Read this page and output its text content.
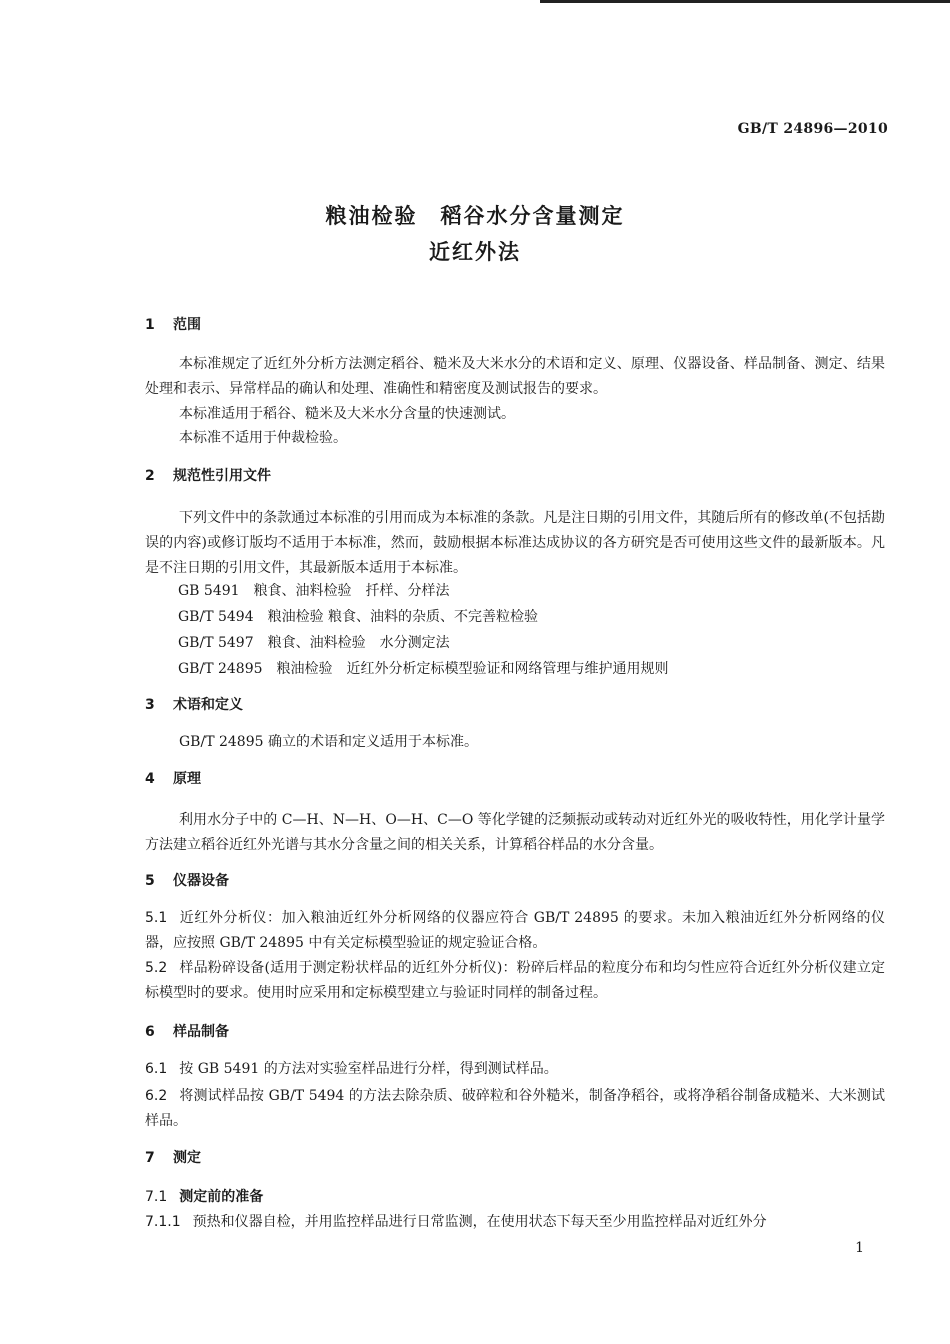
GB/T 24896—2010
粮油检验　稻谷水分含量测定
近红外法
1 范围
本标准规定了近红外分析方法测定稻谷、糙米及大米水分的术语和定义、原理、仪器设备、样品制备、测定、结果处理和表示、异常样品的确认和处理、准确性和精密度及测试报告的要求。
本标准适用于稻谷、糙米及大米水分含量的快速测试。
本标准不适用于仲裁检验。
2 规范性引用文件
下列文件中的条款通过本标准的引用而成为本标准的条款。凡是注日期的引用文件，其随后所有的修改单(不包括勘误的内容)或修订版均不适用于本标准，然而，鼓励根据本标准达成协议的各方研究是否可使用这些文件的最新版本。凡是不注日期的引用文件，其最新版本适用于本标准。
GB 5491 粮食、油料检验　扦样、分样法
GB/T 5494 粮油检验 粮食、油料的杂质、不完善粒检验
GB/T 5497 粮食、油料检验　水分测定法
GB/T 24895 粮油检验　近红外分析定标模型验证和网络管理与维护通用规则
3 术语和定义
GB/T 24895 确立的术语和定义适用于本标准。
4 原理
利用水分子中的 C—H、N—H、O—H、C—O 等化学键的泛频振动或转动对近红外光的吸收特性，用化学计量学方法建立稻谷近红外光谱与其水分含量之间的相关关系，计算稻谷样品的水分含量。
5 仪器设备
5.1 近红外分析仪：加入粮油近红外分析网络的仪器应符合 GB/T 24895 的要求。未加入粮油近红外分析网络的仪器，应按照 GB/T 24895 中有关定标模型验证的规定验证合格。
5.2 样品粉碎设备(适用于测定粉状样品的近红外分析仪)：粉碎后样品的粒度分布和均匀性应符合近红外分析仪建立定标模型时的要求。使用时应采用和定标模型建立与验证时同样的制备过程。
6 样品制备
6.1 按 GB 5491 的方法对实验室样品进行分样，得到测试样品。
6.2 将测试样品按 GB/T 5494 的方法去除杂质、破碎粒和谷外糙米，制备净稻谷，或将净稻谷制备成糙米、大米测试样品。
7 测定
7.1 测定前的准备
7.1.1 预热和仪器自检，并用监控样品进行日常监测，在使用状态下每天至少用监控样品对近红外分
1
